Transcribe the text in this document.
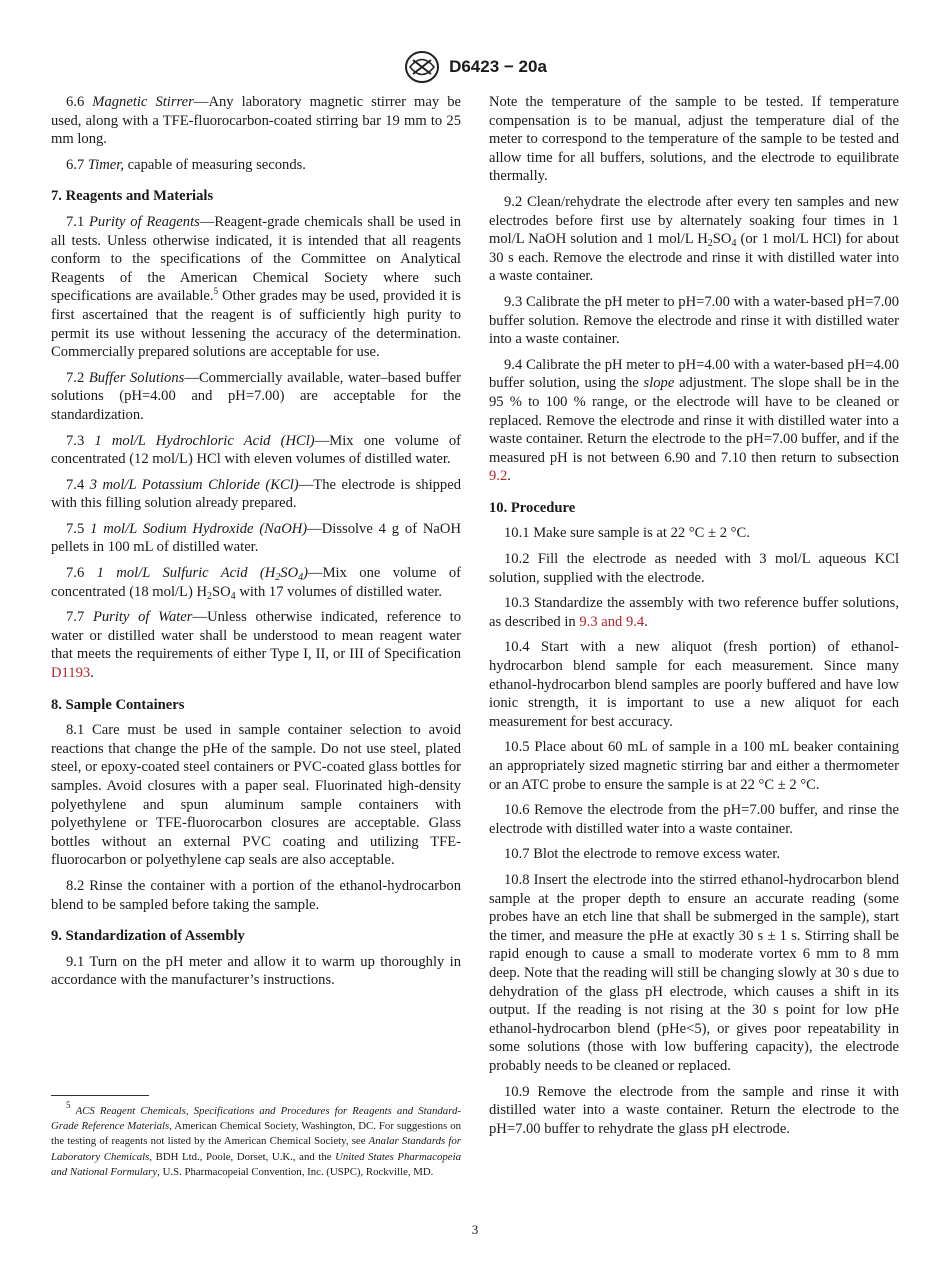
D6423 − 20a

6.6 Magnetic Stirrer—Any laboratory magnetic stirrer may be used, along with a TFE-fluorocarbon-coated stirring bar 19 mm to 25 mm long.

6.7 Timer, capable of measuring seconds.

7. Reagents and Materials

7.1 Purity of Reagents—Reagent-grade chemicals shall be used in all tests. Unless otherwise indicated, it is intended that all reagents conform to the specifications of the Committee on Analytical Reagents of the American Chemical Society where such specifications are available.$^5$ Other grades may be used, provided it is first ascertained that the reagent is of sufficiently high purity to permit its use without lessening the accuracy of the determination. Commercially prepared solutions are acceptable for use.

7.2 Buffer Solutions—Commercially available, water–based buffer solutions (pH=4.00 and pH=7.00) are acceptable for the standardization.

7.3 1 mol/L Hydrochloric Acid (HCl)—Mix one volume of concentrated (12 mol/L) HCl with eleven volumes of distilled water.

7.4 3 mol/L Potassium Chloride (KCl)—The electrode is shipped with this filling solution already prepared.

7.5 1 mol/L Sodium Hydroxide (NaOH)—Dissolve 4 g of NaOH pellets in 100 mL of distilled water.

7.6 1 mol/L Sulfuric Acid $(H_2SO_4)—Mix$ one volume of concentrated (18 mol/L) $H_2SO_4$ with 17 volumes of distilled water.

7.7 Purity of Water—Unless otherwise indicated, reference to water or distilled water shall be understood to mean reagent water that meets the requirements of either Type I, II, or III of Specification D1193.

8. Sample Containers

8.1 Care must be used in sample container selection to avoid reactions that change the pHe of the sample. Do not use steel, plated steel, or epoxy-coated steel containers or PVC-coated glass bottles for samples. Avoid closures with a paper seal. Fluorinated high-density polyethylene and spun aluminum sample containers with polyethylene or TFE-fluorocarbon closures are acceptable. Glass bottles without an external PVC coating and utilizing TFE-fluorocarbon or polyethylene cap seals are also acceptable.

8.2 Rinse the container with a portion of the ethanol-hydrocarbon blend to be sampled before taking the sample.

9. Standardization of Assembly

9.1 Turn on the pH meter and allow it to warm up thoroughly in accordance with the manufacturer’s instructions.

$^5$ ACS Reagent Chemicals, Specifications and Procedures for Reagents and Standard-Grade Reference Materials, American Chemical Society, Washington, DC. For suggestions on the testing of reagents not listed by the American Chemical Society, see Analar Standards for Laboratory Chemicals, BDH Ltd., Poole, Dorset, U.K., and the United States Pharmacopeia and National Formulary, U.S. Pharmacopeial Convention, Inc. (USPC), Rockville, MD.

Note the temperature of the sample to be tested. If temperature compensation is to be manual, adjust the temperature dial of the meter to correspond to the temperature of the sample to be tested and allow time for all buffers, solutions, and the electrode to equilibrate thermally.

9.2 Clean/rehydrate the electrode after every ten samples and new electrodes before first use by alternately soaking four times in 1 mol/L NaOH solution and 1 mol/L $H_2SO_4$ (or 1 mol/L HCl) for about 30 s each. Remove the electrode and rinse it with distilled water into a waste container.

9.3 Calibrate the pH meter to pH=7.00 with a water-based pH=7.00 buffer solution. Remove the electrode and rinse it with distilled water into a waste container.

9.4 Calibrate the pH meter to pH=4.00 with a water-based pH=4.00 buffer solution, using the slope adjustment. The slope shall be in the 95 % to 100 % range, or the electrode will have to be cleaned or replaced. Remove the electrode and rinse it with distilled water into a waste container. Return the electrode to the pH=7.00 buffer, and if the measured pH is not between 6.90 and 7.10 then return to subsection 9.2.

10. Procedure

10.1 Make sure sample is at 22 °C ± 2 °C.

10.2 Fill the electrode as needed with 3 mol/L aqueous KCl solution, supplied with the electrode.

10.3 Standardize the assembly with two reference buffer solutions, as described in 9.3 and 9.4.

10.4 Start with a new aliquot (fresh portion) of ethanol-hydrocarbon blend sample for each measurement. Since many ethanol-hydrocarbon blend samples are poorly buffered and have low ionic strength, it is important to use a new aliquot for each measurement for best accuracy.

10.5 Place about 60 mL of sample in a 100 mL beaker containing an appropriately sized magnetic stirring bar and either a thermometer or an ATC probe to ensure the sample is at 22 °C ± 2 °C.

10.6 Remove the electrode from the pH=7.00 buffer, and rinse the electrode with distilled water into a waste container.

10.7 Blot the electrode to remove excess water.

10.8 Insert the electrode into the stirred ethanol-hydrocarbon blend sample at the proper depth to ensure an accurate reading (some probes have an etch line that shall be submerged in the sample), start the timer, and measure the pHe at exactly 30 s ± 1 s. Stirring shall be rapid enough to cause a small to moderate vortex 6 mm to 8 mm deep. Note that the reading will still be changing slowly at 30 s due to dehydration of the glass pH electrode, which causes a shift in its output. If the reading is not rising at the 30 s point for low pHe ethanol-hydrocarbon blend (pHe<5), or gives poor repeatability in some solutions (those with low buffering capacity), the electrode probably needs to be cleaned or replaced.

10.9 Remove the electrode from the sample and rinse it with distilled water into a waste container. Return the electrode to the pH=7.00 buffer to rehydrate the glass pH electrode.

3
